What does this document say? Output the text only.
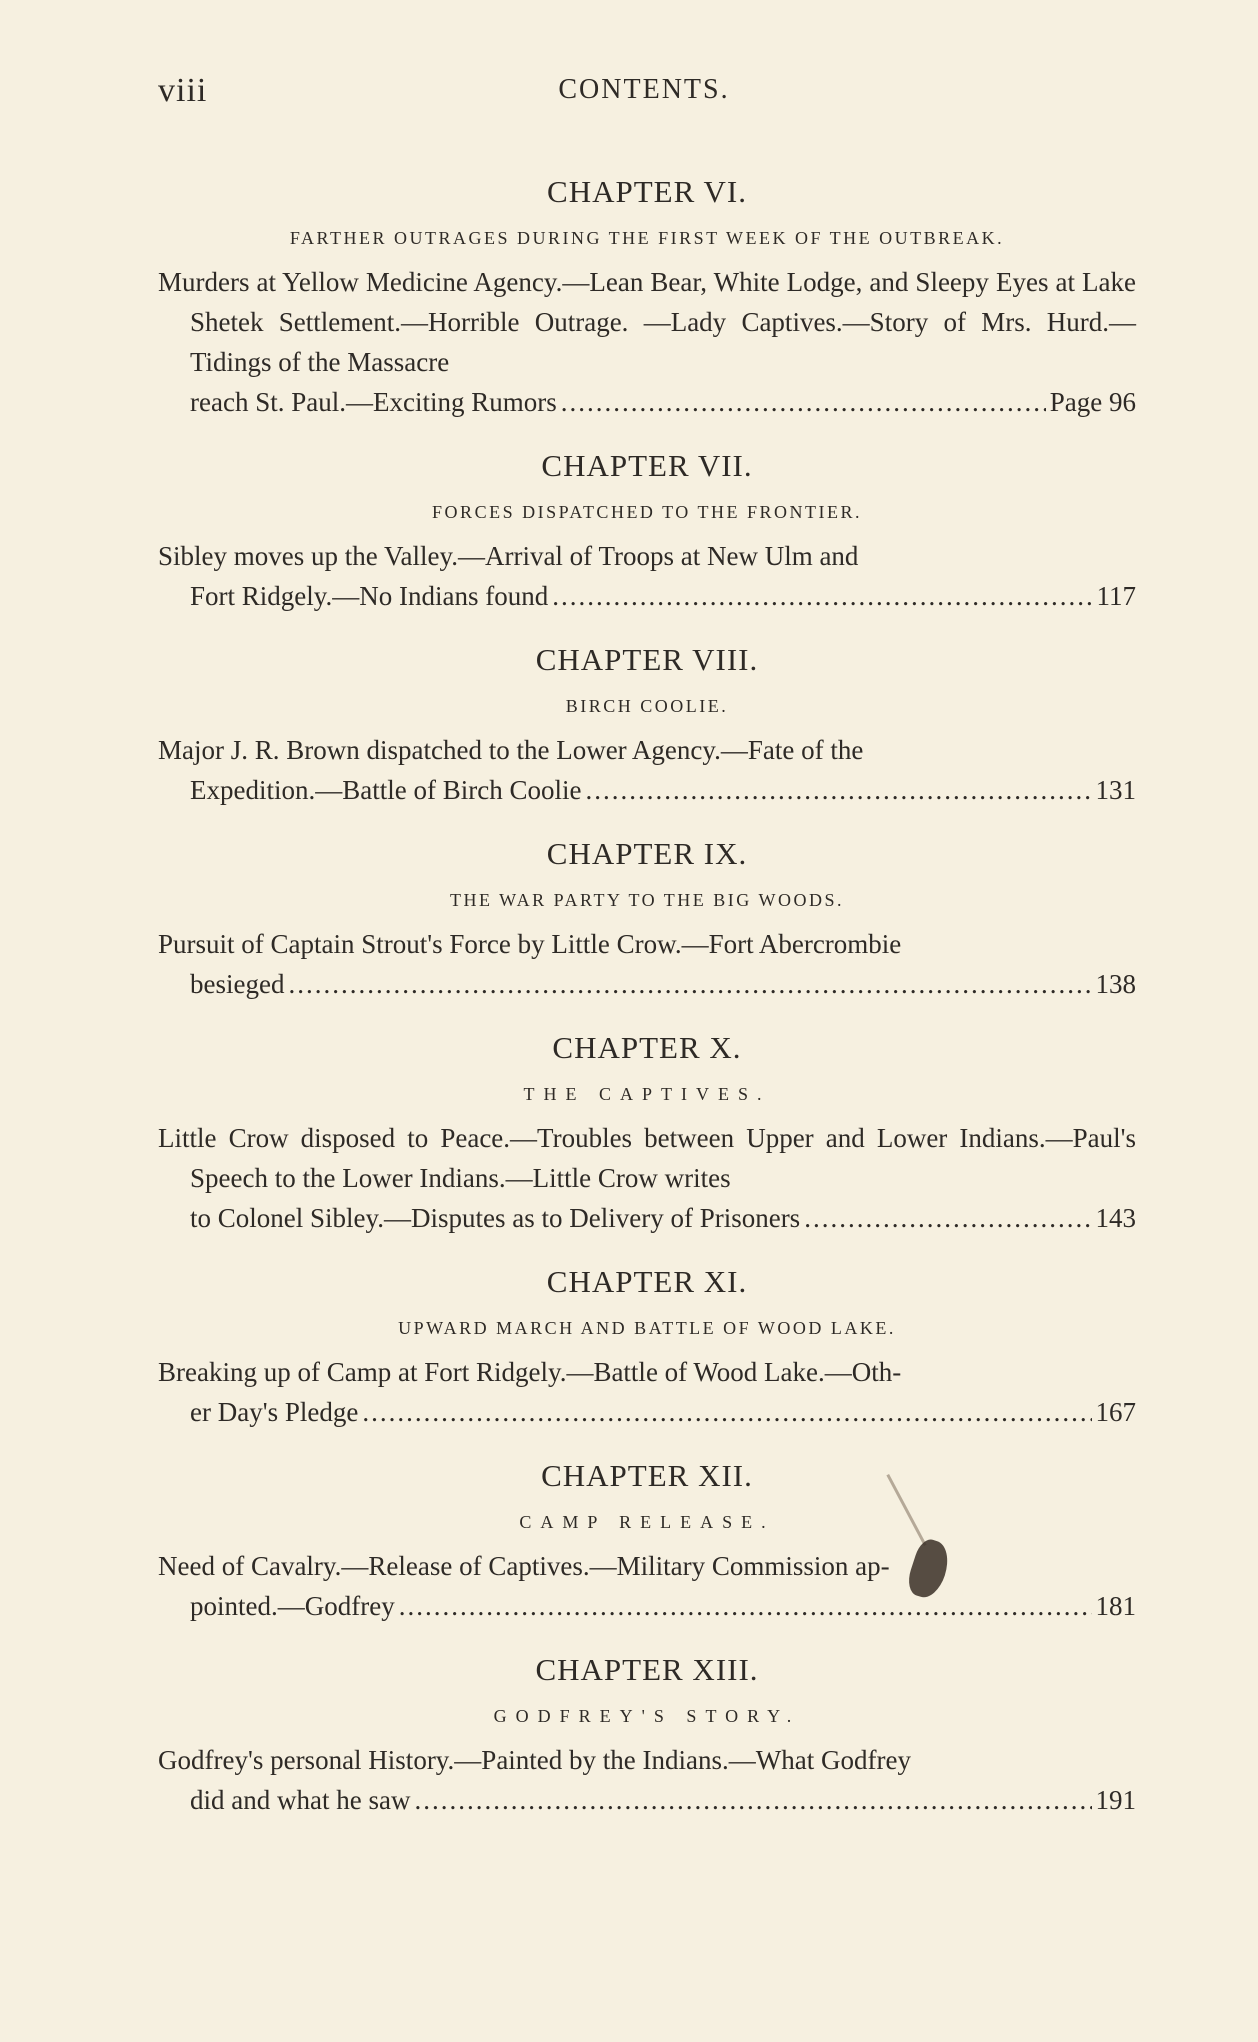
viii	CONTENTS.
CHAPTER VI.
FARTHER OUTRAGES DURING THE FIRST WEEK OF THE OUTBREAK.
Murders at Yellow Medicine Agency.—Lean Bear, White Lodge, and Sleepy Eyes at Lake Shetek Settlement.—Horrible Outrage. —Lady Captives.—Story of Mrs. Hurd.—Tidings of the Massacre
reach St. Paul.—Exciting Rumors .....	Page 96
CHAPTER VII.
FORCES DISPATCHED TO THE FRONTIER.
Sibley moves up the Valley.—Arrival of Troops at New Ulm and
Fort Ridgely.—No Indians found .....	117
CHAPTER VIII.
BIRCH COOLIE.
Major J. R. Brown dispatched to the Lower Agency.—Fate of the
Expedition.—Battle of Birch Coolie .....	131
CHAPTER IX.
THE WAR PARTY TO THE BIG WOODS.
Pursuit of Captain Strout's Force by Little Crow.—Fort Abercrombie
besieged .....	138
CHAPTER X.
THE CAPTIVES.
Little Crow disposed to Peace.—Troubles between Upper and Lower Indians.—Paul's Speech to the Lower Indians.—Little Crow writes
to Colonel Sibley.—Disputes as to Delivery of Prisoners .....	143
CHAPTER XI.
UPWARD MARCH AND BATTLE OF WOOD LAKE.
Breaking up of Camp at Fort Ridgely.—Battle of Wood Lake.—Oth-
er Day's Pledge .....	167
CHAPTER XII.
CAMP RELEASE.
Need of Cavalry.—Release of Captives.—Military Commission ap-
pointed.—Godfrey .....	181
CHAPTER XIII.
GODFREY'S STORY.
Godfrey's personal History.—Painted by the Indians.—What Godfrey
did and what he saw .....	191
